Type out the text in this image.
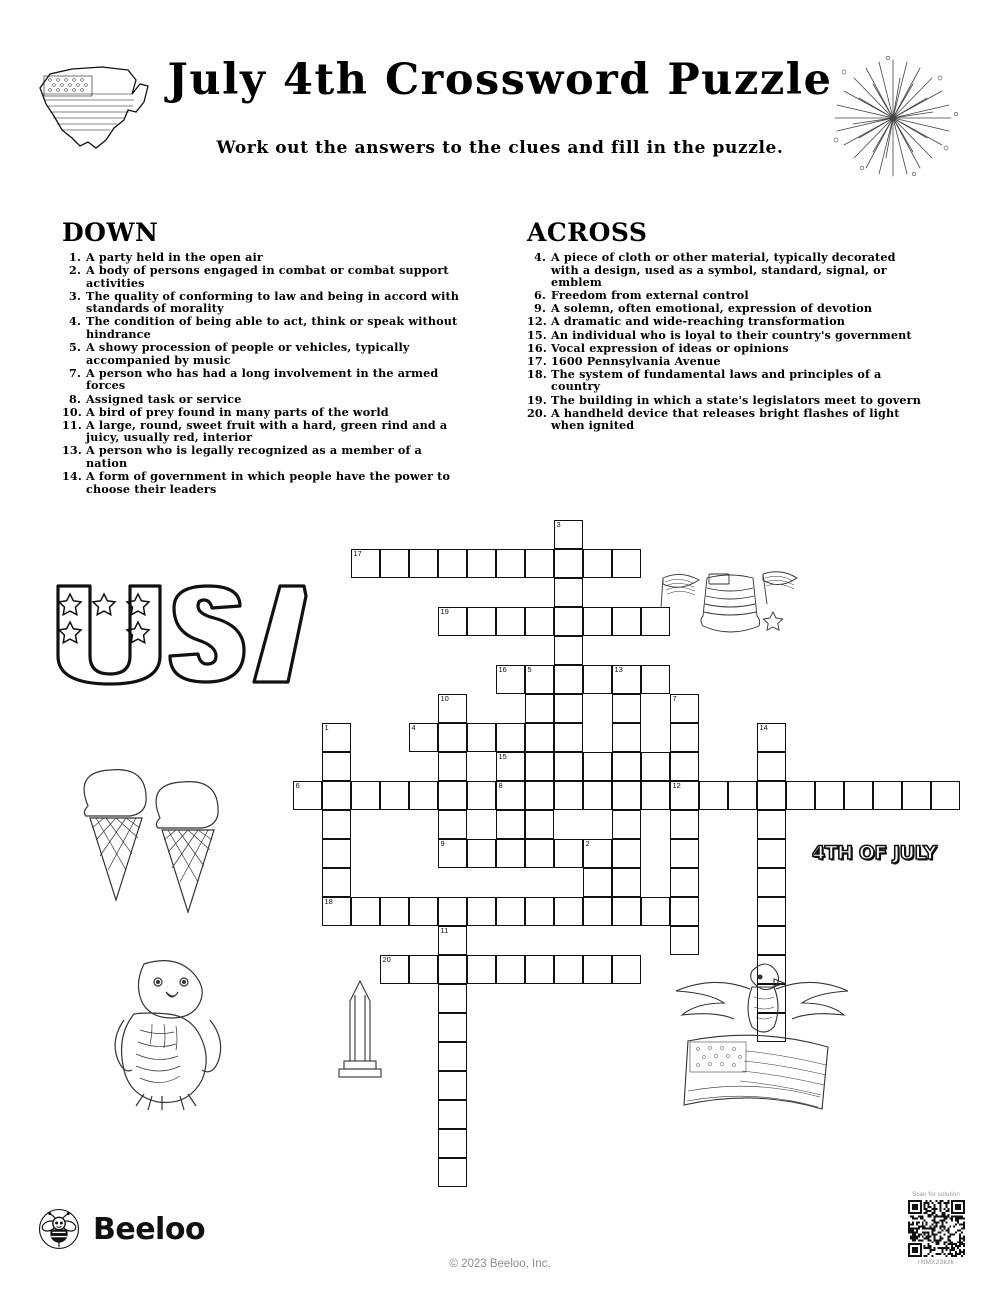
July 4th Crossword Puzzle
Work out the answers to the clues and fill in the puzzle.
DOWN
1. A party held in the open air
2. A body of persons engaged in combat or combat support activities
3. The quality of conforming to law and being in accord with standards of morality
4. The condition of being able to act, think or speak without hindrance
5. A showy procession of people or vehicles, typically accompanied by music
7. A person who has had a long involvement in the armed forces
8. Assigned task or service
10. A bird of prey found in many parts of the world
11. A large, round, sweet fruit with a hard, green rind and a juicy, usually red, interior
13. A person who is legally recognized as a member of a nation
14. A form of government in which people have the power to choose their leaders
ACROSS
4. A piece of cloth or other material, typically decorated with a design, used as a symbol, standard, signal, or emblem
6. Freedom from external control
9. A solemn, often emotional, expression of devotion
12. A dramatic and wide-reaching transformation
15. An individual who is loyal to their country's government
16. Vocal expression of ideas or opinions
17. 1600 Pennsylvania Avenue
18. The system of fundamental laws and principles of a country
19. The building in which a state's legislators meet to govern
20. A handheld device that releases bright flashes of light when ignited
3
17
19
16	5	13
10	7
1	4	14
15
6	8	12
9	2
18
11
20
4TH OF JULY
Beeloo
© 2023 Beeloo, Inc.
Scan for solution
rNMX23kzk
